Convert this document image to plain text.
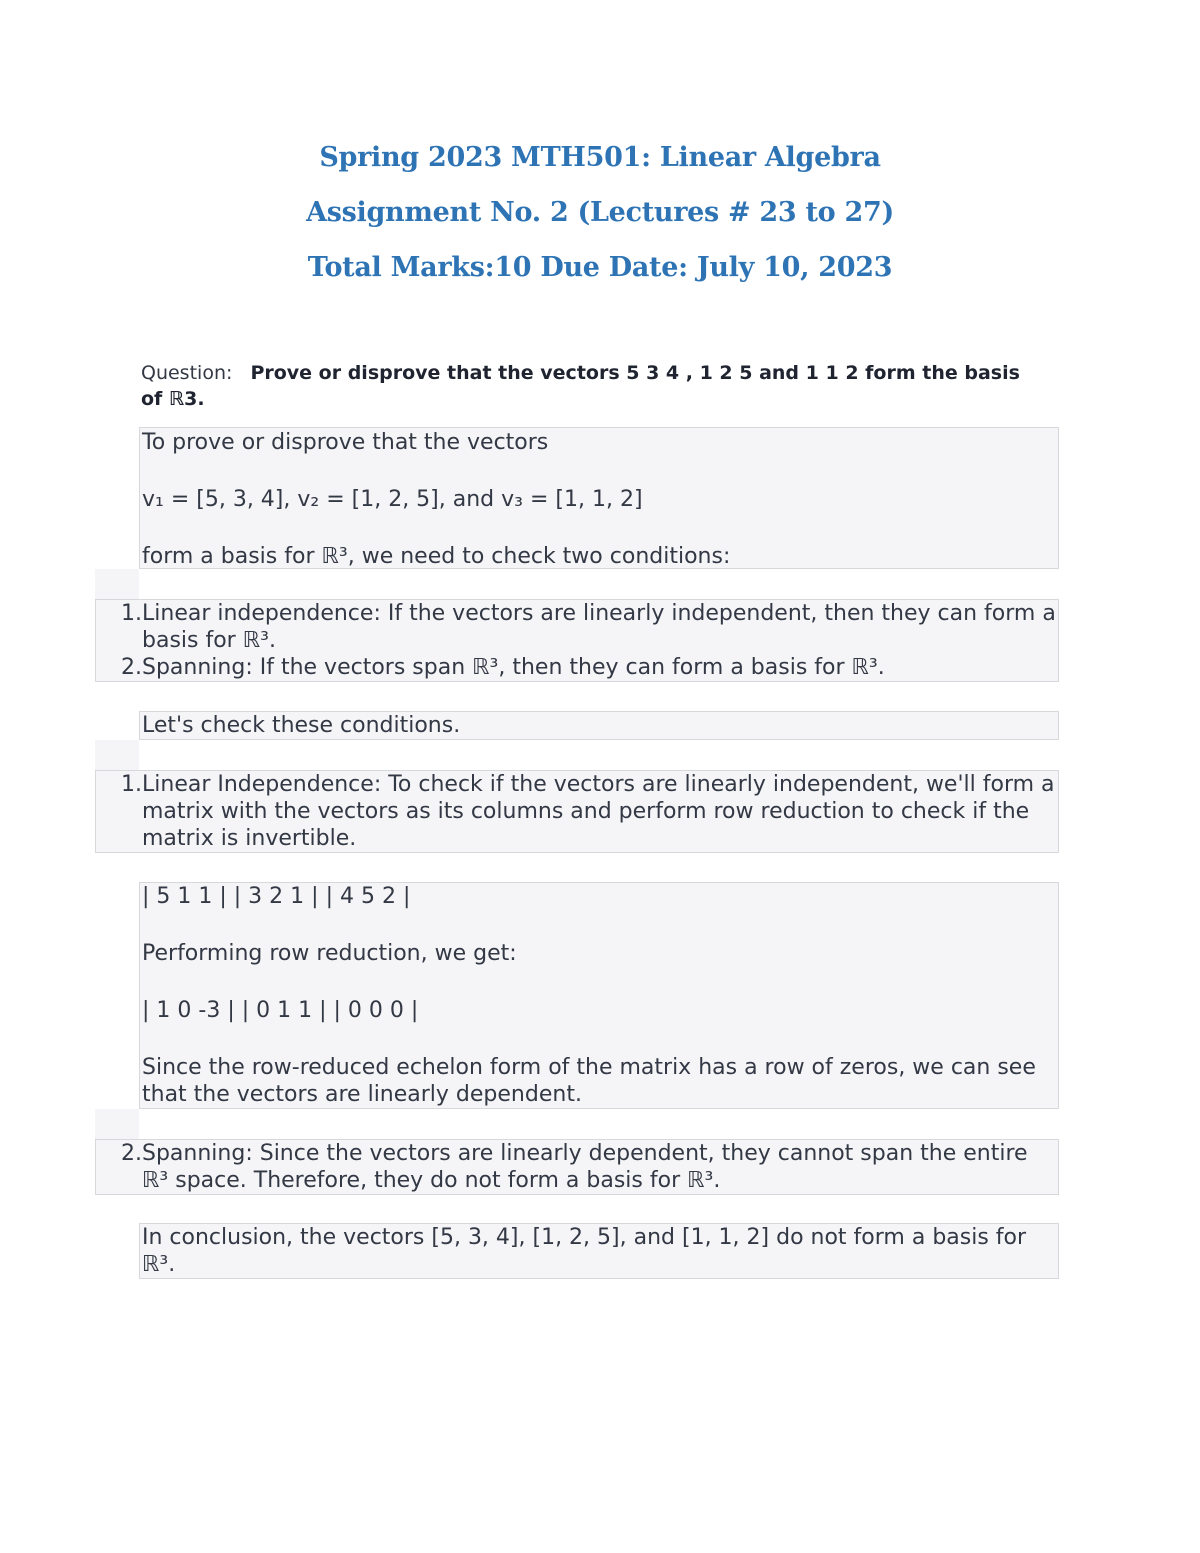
Spring 2023 MTH501: Linear Algebra
Assignment No. 2 (Lectures # 23 to 27)
Total Marks:10 Due Date: July 10, 2023
Question: Prove or disprove that the vectors 5 3 4 , 1 2 5 and 1 1 2 form the basis of ℝ3.

To prove or disprove that the vectors

v₁ = [5, 3, 4], v₂ = [1, 2, 5], and v₃ = [1, 1, 2]

form a basis for ℝ³, we need to check two conditions:

1. Linear independence: If the vectors are linearly independent, then they can form a basis for ℝ³.
2. Spanning: If the vectors span ℝ³, then they can form a basis for ℝ³.

Let's check these conditions.

1. Linear Independence: To check if the vectors are linearly independent, we'll form a matrix with the vectors as its columns and perform row reduction to check if the matrix is invertible.

| 5 1 1 | | 3 2 1 | | 4 5 2 |

Performing row reduction, we get:

| 1 0 -3 | | 0 1 1 | | 0 0 0 |

Since the row-reduced echelon form of the matrix has a row of zeros, we can see that the vectors are linearly dependent.

2. Spanning: Since the vectors are linearly dependent, they cannot span the entire ℝ³ space. Therefore, they do not form a basis for ℝ³.

In conclusion, the vectors [5, 3, 4], [1, 2, 5], and [1, 1, 2] do not form a basis for ℝ³.
